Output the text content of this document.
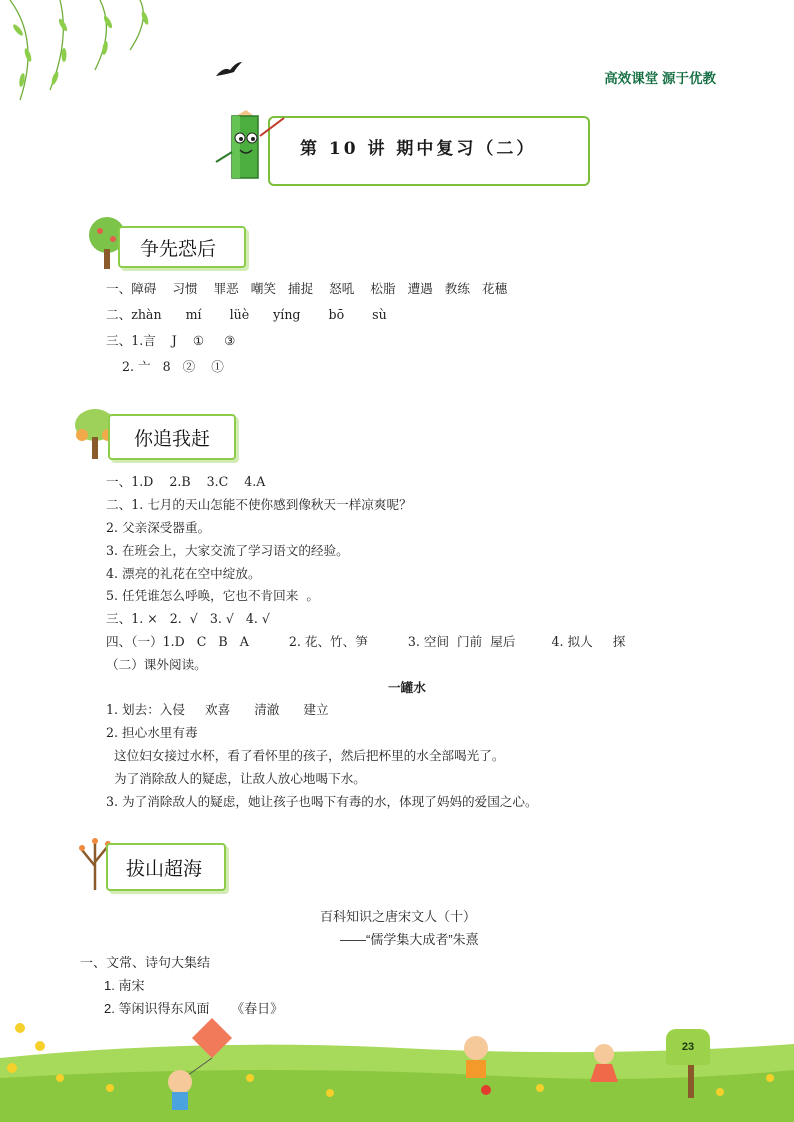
高效课堂 源于优教
第 10 讲 期中复习（二）
争先恐后
一、障碍    习惯    罪恶   嘲笑   捕捉    怒吼    松脂   遭遇   教练   花穗
二、zhàn      mí       lüè      yíng       bō       sù
三、1.言    J    ①     ③
2. 亠   8   ②    ①
你追我赶
一、1.D    2.B    3.C    4.A
二、1. 七月的天山怎能不使你感到像秋天一样凉爽呢？
2. 父亲深受器重。
3. 在班会上，大家交流了学习语文的经验。
4. 漂亮的礼花在空中绽放。
5. 任凭谁怎么呼唤，它也不肯回来  。
三、1. ×   2.  √   3. √   4. √
四、（一）1.D   C   B   A          2. 花、竹、笋          3. 空间  门前  屋后         4. 拟人     探
（二）课外阅读。
一罐水
1. 划去：入侵     欢喜      清澈      建立
2. 担心水里有毒
这位妇女接过水杯，看了看怀里的孩子，然后把杯里的水全部喝光了。
为了消除敌人的疑虑，让敌人放心地喝下水。
3. 为了消除敌人的疑虑，她让孩子也喝下有毒的水，体现了妈妈的爱国之心。
拔山超海
百科知识之唐宋文人（十）
——“儒学集大成者”朱熹
一、文常、诗句大集结
1. 南宋
2. 等闲识得东风面      《春日》
23
